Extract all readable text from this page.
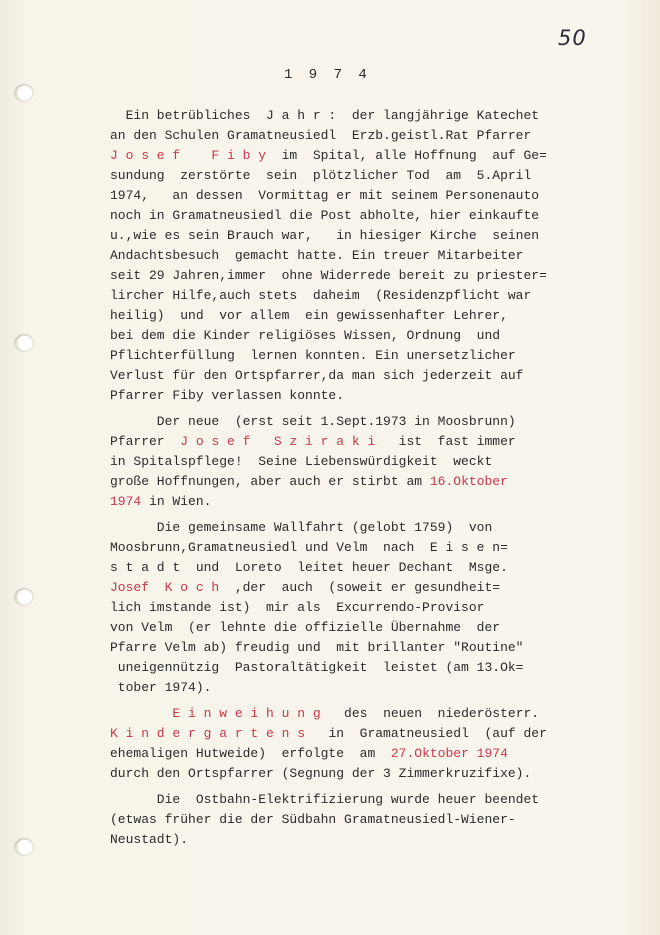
50
1 9 7 4
Ein betrübliches  J a h r :  der langjährige Katechet
an den Schulen Gramatneusiedl  Erzb.geistl.Rat Pfarrer
J o s e f    F i b y  im  Spital, alle Hoffnung  auf Ge=
sundung  zerstörte  sein  plötzlicher Tod  am  5.April
1974,   an dessen  Vormittag er mit seinem Personenauto
noch in Gramatneusiedl die Post abholte, hier einkaufte
u.,wie es sein Brauch war,   in hiesiger Kirche  seinen
Andachtsbesuch  gemacht hatte. Ein treuer Mitarbeiter
seit 29 Jahren,immer  ohne Widerrede bereit zu priester=
lircher Hilfe,auch stets  daheim  (Residenzpflicht war
heilig)  und  vor allem  ein gewissenhafter Lehrer,
bei dem die Kinder religiöses Wissen, Ordnung  und
Pflichterfüllung  lernen konnten. Ein unersetzlicher
Verlust für den Ortspfarrer,da man sich jederzeit auf
Pfarrer Fiby verlassen konnte.
Der neue  (erst seit 1.Sept.1973 in Moosbrunn)
Pfarrer  J o s e f   S z i r a k i   ist  fast immer
in Spitalspflege!  Seine Liebenswürdigkeit  weckt
große Hoffnungen, aber auch er stirbt am 16.Oktober
1974 in Wien.
Die gemeinsame Wallfahrt (gelobt 1759)  von
Moosbrunn,Gramatneusiedl und Velm  nach  E i s e n=
s t a d t  und  Loreto  leitet heuer Dechant  Msge.
Josef  K o c h  ,der  auch  (soweit er gesundheit=
lich imstande ist)  mir als  Excurrendo-Provisor
von Velm  (er lehnte die offizielle Übernahme  der
Pfarre Velm ab) freudig und  mit brillanter "Routine"
uneigennützig  Pastoraltätigkeit  leistet (am 13.Ok=
tober 1974).
E i n w e i h u n g   des  neuen  niederösterr.
K i n d e r g a r t e n s   in  Gramatneusiedl  (auf der
ehemaligen Hutweide)  erfolgte  am  27.Oktober 1974
durch den Ortspfarrer (Segnung der 3 Zimmerkruzifixe).
Die  Ostbahn-Elektrifizierung wurde heuer beendet
(etwas früher die der Südbahn Gramatneusiedl-Wiener-
Neustadt).
